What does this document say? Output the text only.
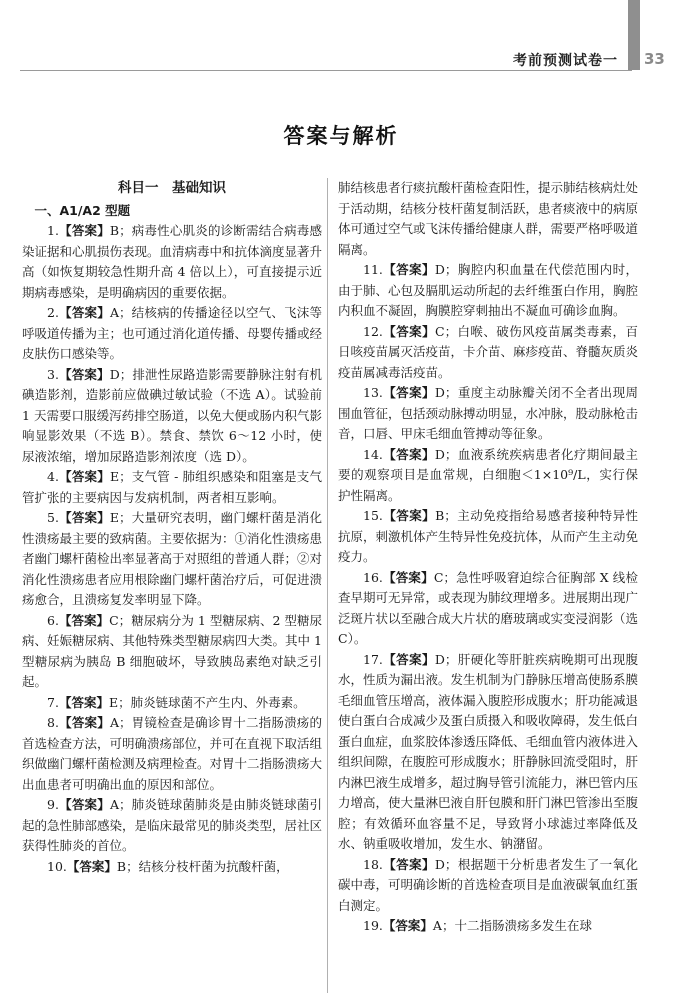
考前预测试卷一 33
答案与解析
科目一　基础知识
一、A1/A2 型题

1.【答案】B；病毒性心肌炎的诊断需结合病毒感染证据和心肌损伤表现。血清病毒中和抗体滴度显著升高（如恢复期较急性期升高 4 倍以上），可直接提示近期病毒感染，是明确病因的重要依据。

2.【答案】A；结核病的传播途径以空气、飞沫等呼吸道传播为主；也可通过消化道传播、母婴传播或经皮肤伤口感染等。

3.【答案】D；排泄性尿路造影需要静脉注射有机碘造影剂，造影前应做碘过敏试验（不选 A）。试验前 1 天需要口服缓泻药排空肠道，以免大便或肠内积气影响显影效果（不选 B）。禁食、禁饮 6～12 小时，使尿液浓缩，增加尿路造影剂浓度（选 D）。

4.【答案】E；支气管 - 肺组织感染和阻塞是支气管扩张的主要病因与发病机制，两者相互影响。

5.【答案】E；大量研究表明，幽门螺杆菌是消化性溃疡最主要的致病菌。主要依据为：①消化性溃疡患者幽门螺杆菌检出率显著高于对照组的普通人群；②对消化性溃疡患者应用根除幽门螺杆菌治疗后，可促进溃疡愈合，且溃疡复发率明显下降。

6.【答案】C；糖尿病分为 1 型糖尿病、2 型糖尿病、妊娠糖尿病、其他特殊类型糖尿病四大类。其中 1 型糖尿病为胰岛 B 细胞破坏，导致胰岛素绝对缺乏引起。

7.【答案】E；肺炎链球菌不产生内、外毒素。

8.【答案】A；胃镜检查是确诊胃十二指肠溃疡的首选检查方法，可明确溃疡部位，并可在直视下取活组织做幽门螺杆菌检测及病理检查。对胃十二指肠溃疡大出血患者可明确出血的原因和部位。

9.【答案】A；肺炎链球菌肺炎是由肺炎链球菌引起的急性肺部感染，是临床最常见的肺炎类型，居社区获得性肺炎的首位。

10.【答案】B；结核分枝杆菌为抗酸杆菌，

肺结核患者行痰抗酸杆菌检查阳性，提示肺结核病灶处于活动期，结核分枝杆菌复制活跃，患者痰液中的病原体可通过空气或飞沫传播给健康人群，需要严格呼吸道隔离。

11.【答案】D；胸腔内积血量在代偿范围内时，由于肺、心包及膈肌运动所起的去纤维蛋白作用，胸腔内积血不凝固，胸膜腔穿刺抽出不凝血可确诊血胸。

12.【答案】C；白喉、破伤风疫苗属类毒素，百日咳疫苗属灭活疫苗，卡介苗、麻疹疫苗、脊髓灰质炎疫苗属减毒活疫苗。

13.【答案】D；重度主动脉瓣关闭不全者出现周围血管征，包括颈动脉搏动明显，水冲脉，股动脉枪击音，口唇、甲床毛细血管搏动等征象。

14.【答案】D；血液系统疾病患者化疗期间最主要的观察项目是血常规，白细胞＜1×10⁹/L，实行保护性隔离。

15.【答案】B；主动免疫指给易感者接种特异性抗原，刺激机体产生特异性免疫抗体，从而产生主动免疫力。

16.【答案】C；急性呼吸窘迫综合征胸部 X 线检查早期可无异常，或表现为肺纹理增多。进展期出现广泛斑片状以至融合成大片状的磨玻璃或实变浸润影（选 C）。

17.【答案】D；肝硬化等肝脏疾病晚期可出现腹水，性质为漏出液。发生机制为门静脉压增高使肠系膜毛细血管压增高，液体漏入腹腔形成腹水；肝功能减退使白蛋白合成减少及蛋白质摄入和吸收障碍，发生低白蛋白血症，血浆胶体渗透压降低、毛细血管内液体进入组织间隙，在腹腔可形成腹水；肝静脉回流受阻时，肝内淋巴液生成增多，超过胸导管引流能力，淋巴管内压力增高，使大量淋巴液自肝包膜和肝门淋巴管渗出至腹腔；有效循环血容量不足，导致肾小球滤过率降低及水、钠重吸收增加，发生水、钠潴留。

18.【答案】D；根据题干分析患者发生了一氧化碳中毒，可明确诊断的首选检查项目是血液碳氧血红蛋白测定。

19.【答案】A；十二指肠溃疡多发生在球
